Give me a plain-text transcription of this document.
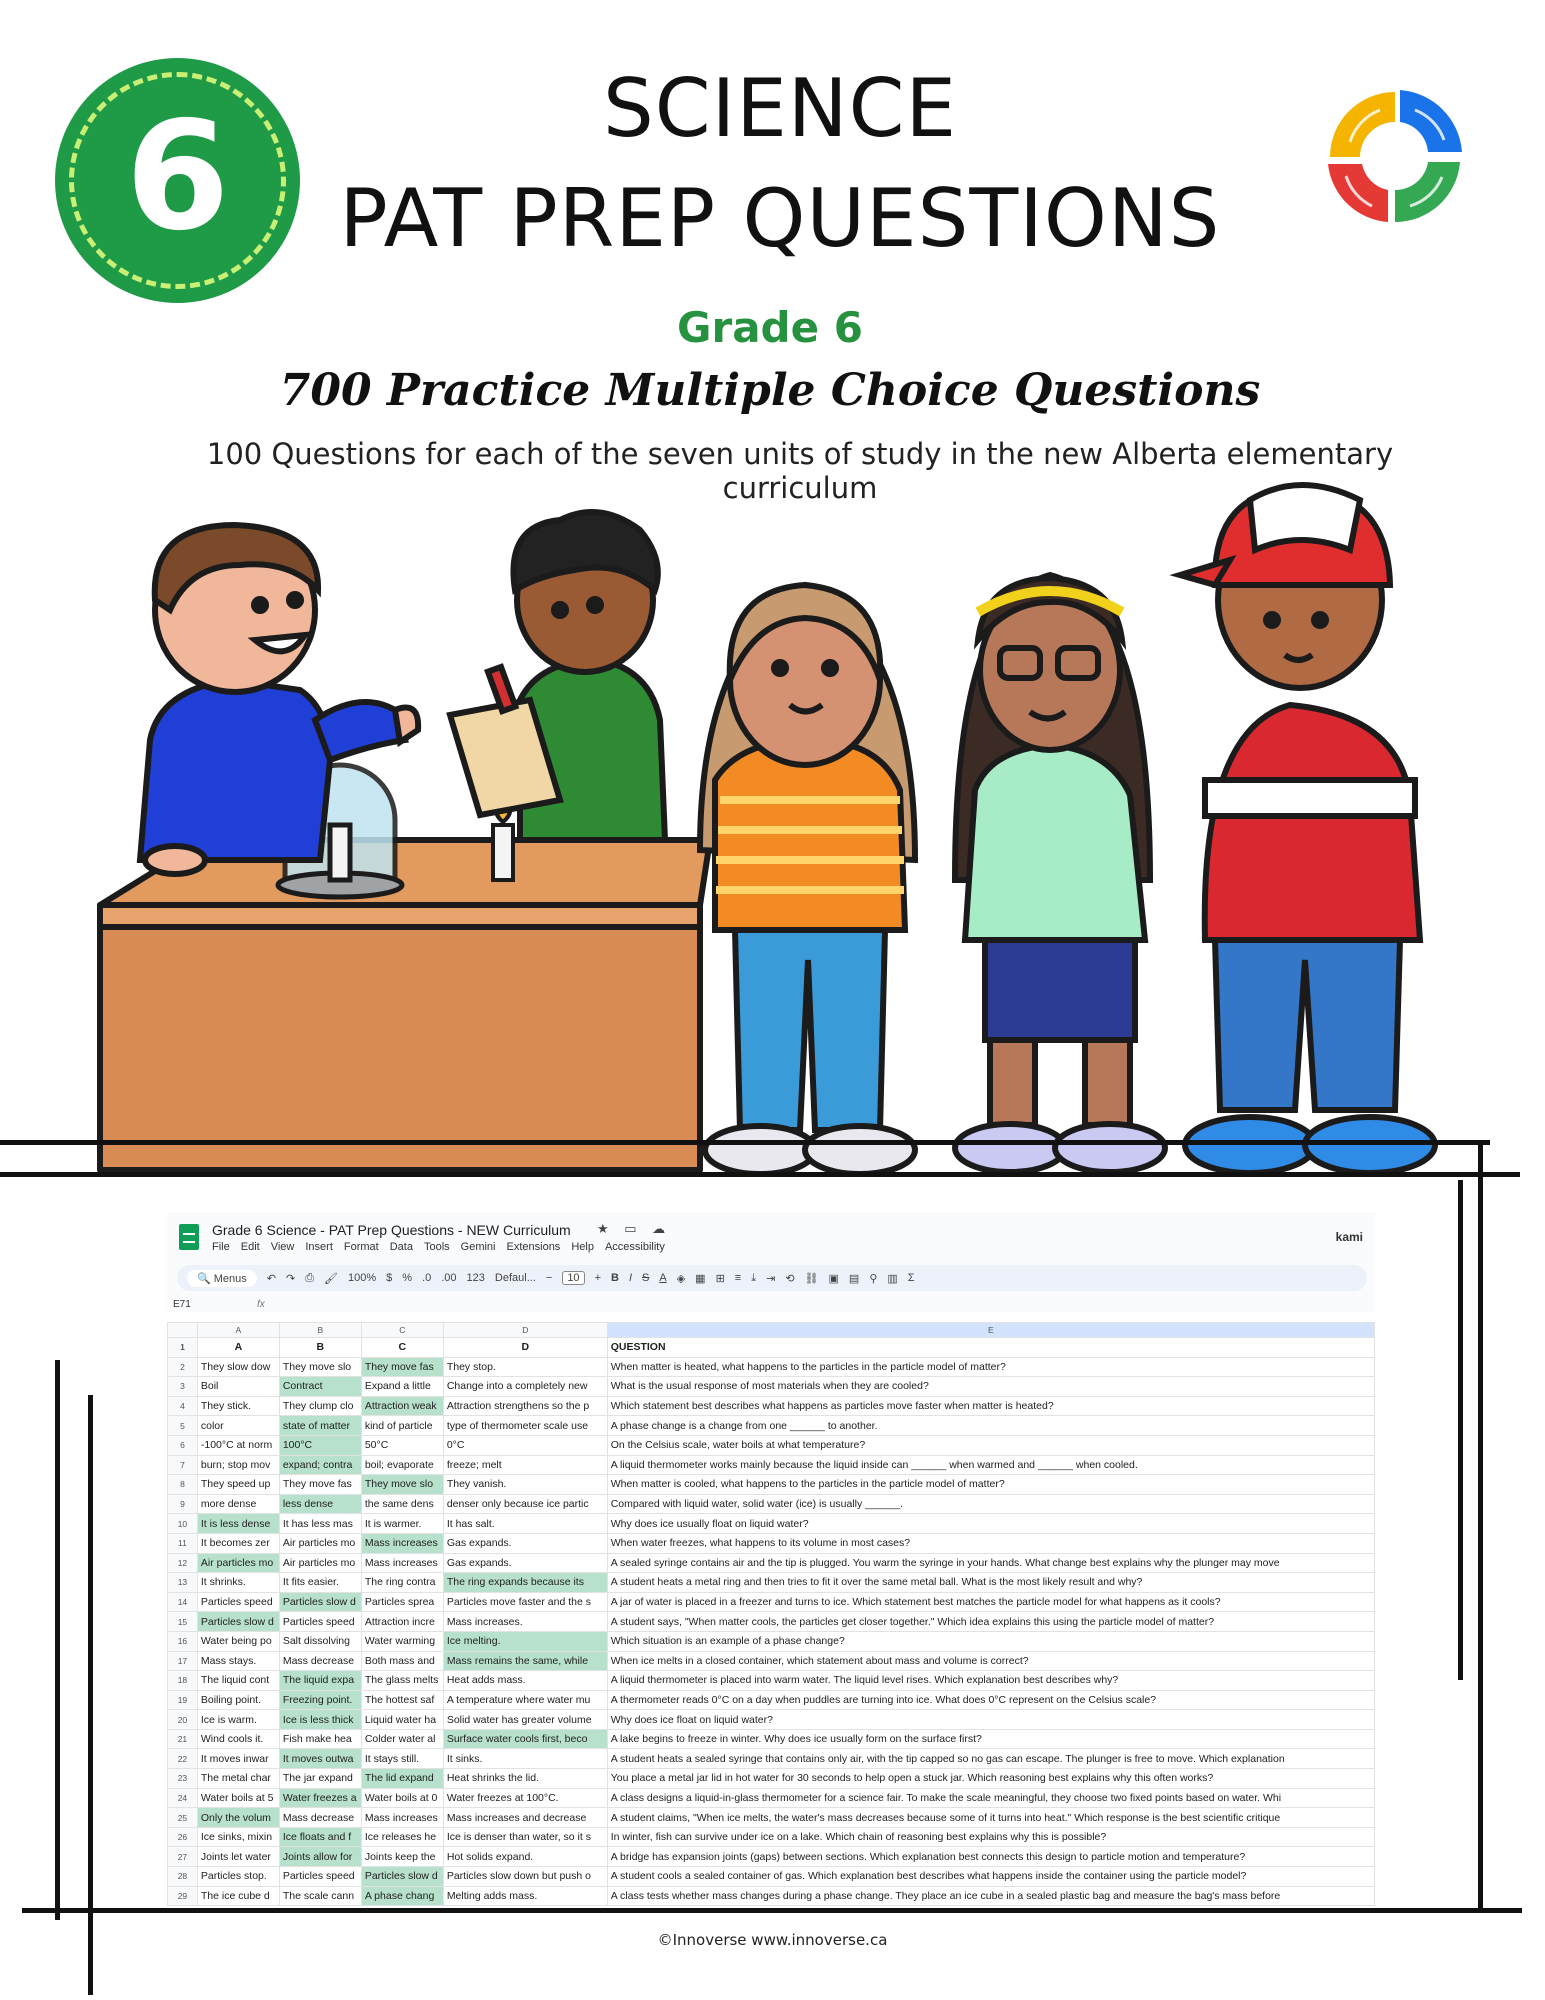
6	SCIENCE
PAT PREP QUESTIONS
Grade 6
700 Practice Multiple Choice Questions
100 Questions for each of the seven units of study in the new Alberta elementary curriculum
Grade 6 Science - PAT Prep Questions - NEW Curriculum ★ ▭ ☁
File Edit View Insert Format Data Tools Gemini Extensions Help Accessibility
kami
🔍 Menus	↶ ↷ ⎙ 🖌 100% $ % .0 .00 123 Defaul... −	10	+ B I S A ◈ ▦ ⊞ ≡ ⤓ ⇥ ⟲ ⛓ ▣ ▤ ⚲ ▥ Σ
E71	fx
	A	B	C	D	E
1	A	B	C	D	QUESTION
2	They slow dow	They move slo	They move fas	They stop.	When matter is heated, what happens to the particles in the particle model of matter?
3	Boil	Contract	Expand a little	Change into a completely new	What is the usual response of most materials when they are cooled?
4	They stick.	They clump clo	Attraction weak	Attraction strengthens so the p	Which statement best describes what happens as particles move faster when matter is heated?
5	color	state of matter	kind of particle	type of thermometer scale use	A phase change is a change from one ______ to another.
6	-100°C at norm	100°C	50°C	0°C	On the Celsius scale, water boils at what temperature?
7	burn; stop mov	expand; contra	boil; evaporate	freeze; melt	A liquid thermometer works mainly because the liquid inside can ______ when warmed and ______ when cooled.
8	They speed up	They move fas	They move slo	They vanish.	When matter is cooled, what happens to the particles in the particle model of matter?
9	more dense	less dense	the same dens	denser only because ice partic	Compared with liquid water, solid water (ice) is usually ______.
10	It is less dense	It has less mas	It is warmer.	It has salt.	Why does ice usually float on liquid water?
11	It becomes zer	Air particles mo	Mass increases	Gas expands.	When water freezes, what happens to its volume in most cases?
12	Air particles mo	Air particles mo	Mass increases	Gas expands.	A sealed syringe contains air and the tip is plugged. You warm the syringe in your hands. What change best explains why the plunger may move
13	It shrinks.	It fits easier.	The ring contra	The ring expands because its	A student heats a metal ring and then tries to fit it over the same metal ball. What is the most likely result and why?
14	Particles speed	Particles slow d	Particles sprea	Particles move faster and the s	A jar of water is placed in a freezer and turns to ice. Which statement best matches the particle model for what happens as it cools?
15	Particles slow d	Particles speed	Attraction incre	Mass increases.	A student says, "When matter cools, the particles get closer together." Which idea explains this using the particle model of matter?
16	Water being po	Salt dissolving	Water warming	Ice melting.	Which situation is an example of a phase change?
17	Mass stays.	Mass decrease	Both mass and	Mass remains the same, while	When ice melts in a closed container, which statement about mass and volume is correct?
18	The liquid cont	The liquid expa	The glass melts	Heat adds mass.	A liquid thermometer is placed into warm water. The liquid level rises. Which explanation best describes why?
19	Boiling point.	Freezing point.	The hottest saf	A temperature where water mu	A thermometer reads 0°C on a day when puddles are turning into ice. What does 0°C represent on the Celsius scale?
20	Ice is warm.	Ice is less thick	Liquid water ha	Solid water has greater volume	Why does ice float on liquid water?
21	Wind cools it.	Fish make hea	Colder water al	Surface water cools first, beco	A lake begins to freeze in winter. Why does ice usually form on the surface first?
22	It moves inwar	It moves outwa	It stays still.	It sinks.	A student heats a sealed syringe that contains only air, with the tip capped so no gas can escape. The plunger is free to move. Which explanation
23	The metal char	The jar expand	The lid expand	Heat shrinks the lid.	You place a metal jar lid in hot water for 30 seconds to help open a stuck jar. Which reasoning best explains why this often works?
24	Water boils at 5	Water freezes a	Water boils at 0	Water freezes at 100°C.	A class designs a liquid-in-glass thermometer for a science fair. To make the scale meaningful, they choose two fixed points based on water. Whi
25	Only the volum	Mass decrease	Mass increases	Mass increases and decrease	A student claims, "When ice melts, the water's mass decreases because some of it turns into heat." Which response is the best scientific critique
26	Ice sinks, mixin	Ice floats and f	Ice releases he	Ice is denser than water, so it s	In winter, fish can survive under ice on a lake. Which chain of reasoning best explains why this is possible?
27	Joints let water	Joints allow for	Joints keep the	Hot solids expand.	A bridge has expansion joints (gaps) between sections. Which explanation best connects this design to particle motion and temperature?
28	Particles stop.	Particles speed	Particles slow d	Particles slow down but push o	A student cools a sealed container of gas. Which explanation best describes what happens inside the container using the particle model?
29	The ice cube d	The scale cann	A phase chang	Melting adds mass.	A class tests whether mass changes during a phase change. They place an ice cube in a sealed plastic bag and measure the bag's mass before
©Innoverse www.innoverse.ca
